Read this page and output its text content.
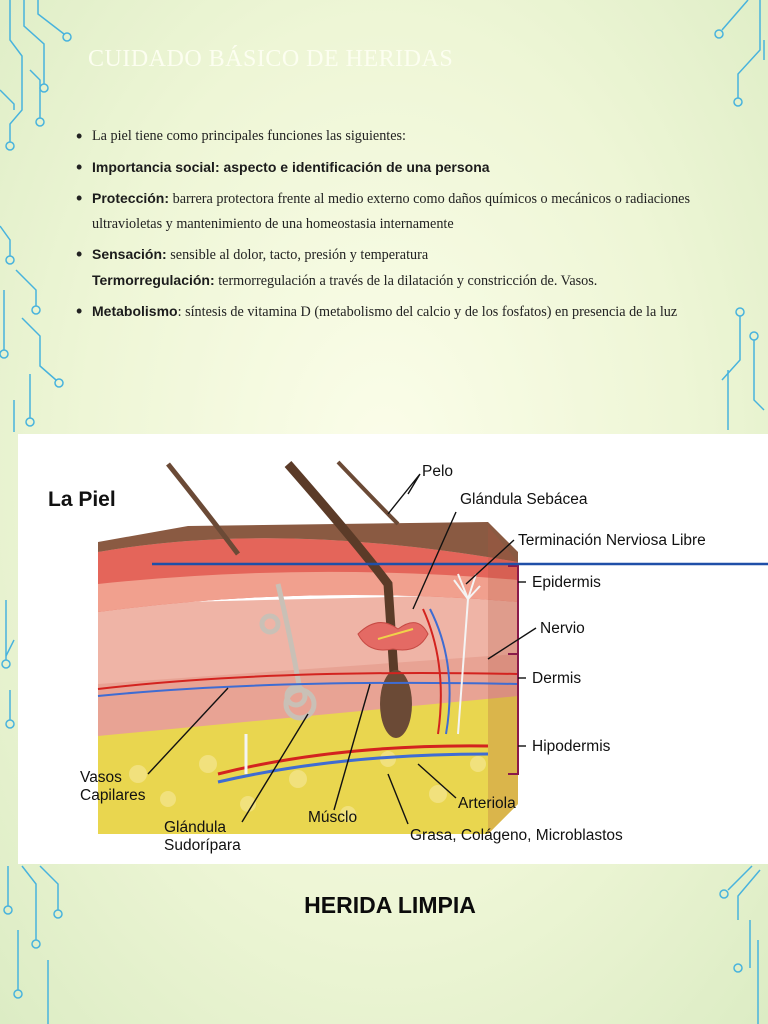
CUIDADO BÁSICO DE HERIDAS
• La piel tiene como principales funciones las siguientes:
• Importancia social: aspecto e identificación de una persona
• Protección: barrera protectora frente al medio externo como daños químicos o mecánicos o radiaciones ultravioletas y mantenimiento de una homeostasia internamente
• Sensación: sensible al dolor, tacto, presión y temperatura
Termorregulación: termorregulación a través de la dilatación y constricción de. Vasos.
• Metabolismo: síntesis de vitamina D (metabolismo del calcio y de los fosfatos) en presencia de la luz
La Piel
Pelo
Glándula Sebácea
Terminación Nerviosa Libre
Epidermis
Nervio
Dermis
Hipodermis
Vasos
Capilares
Glándula
Sudorípara
Músclo
Arteriola
Grasa, Colágeno, Microblastos
HERIDA LIMPIA
